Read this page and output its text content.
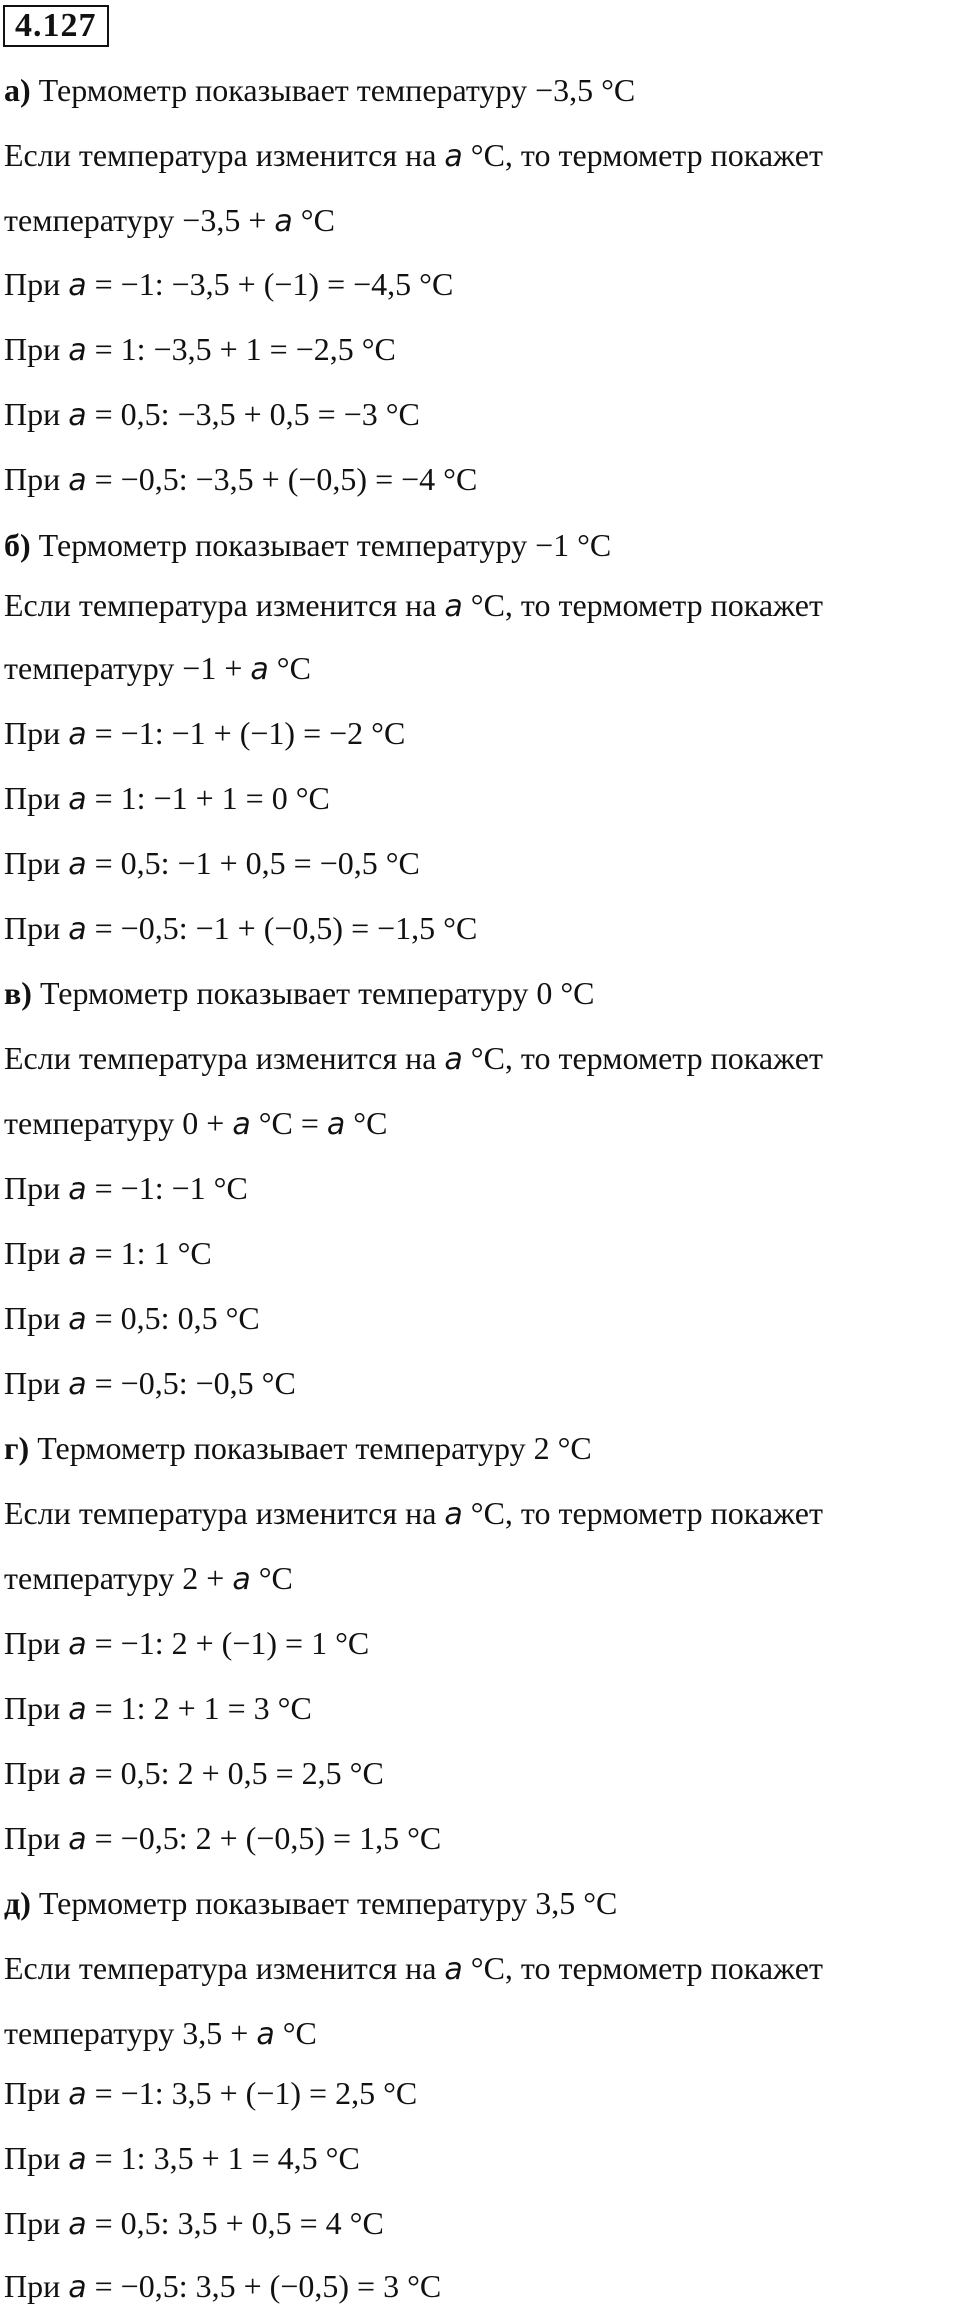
4.127
а) Термометр показывает температуру −3,5 °C
Если температура изменится на a °C, то термометр покажет
температуру −3,5 + a °C
При a = −1: −3,5 + (−1) = −4,5 °C
При a = 1: −3,5 + 1 = −2,5 °C
При a = 0,5: −3,5 + 0,5 = −3 °C
При a = −0,5: −3,5 + (−0,5) = −4 °C
б) Термометр показывает температуру −1 °C
Если температура изменится на a °C, то термометр покажет
температуру −1 + a °C
При a = −1: −1 + (−1) = −2 °C
При a = 1: −1 + 1 = 0 °C
При a = 0,5: −1 + 0,5 = −0,5 °C
При a = −0,5: −1 + (−0,5) = −1,5 °C
в) Термометр показывает температуру 0 °C
Если температура изменится на a °C, то термометр покажет
температуру 0 + a °C = a °C
При a = −1: −1 °C
При a = 1: 1 °C
При a = 0,5: 0,5 °C
При a = −0,5: −0,5 °C
г) Термометр показывает температуру 2 °C
Если температура изменится на a °C, то термометр покажет
температуру 2 + a °C
При a = −1: 2 + (−1) = 1 °C
При a = 1: 2 + 1 = 3 °C
При a = 0,5: 2 + 0,5 = 2,5 °C
При a = −0,5: 2 + (−0,5) = 1,5 °C
д) Термометр показывает температуру 3,5 °C
Если температура изменится на a °C, то термометр покажет
температуру 3,5 + a °C
При a = −1: 3,5 + (−1) = 2,5 °C
При a = 1: 3,5 + 1 = 4,5 °C
При a = 0,5: 3,5 + 0,5 = 4 °C
При a = −0,5: 3,5 + (−0,5) = 3 °C
